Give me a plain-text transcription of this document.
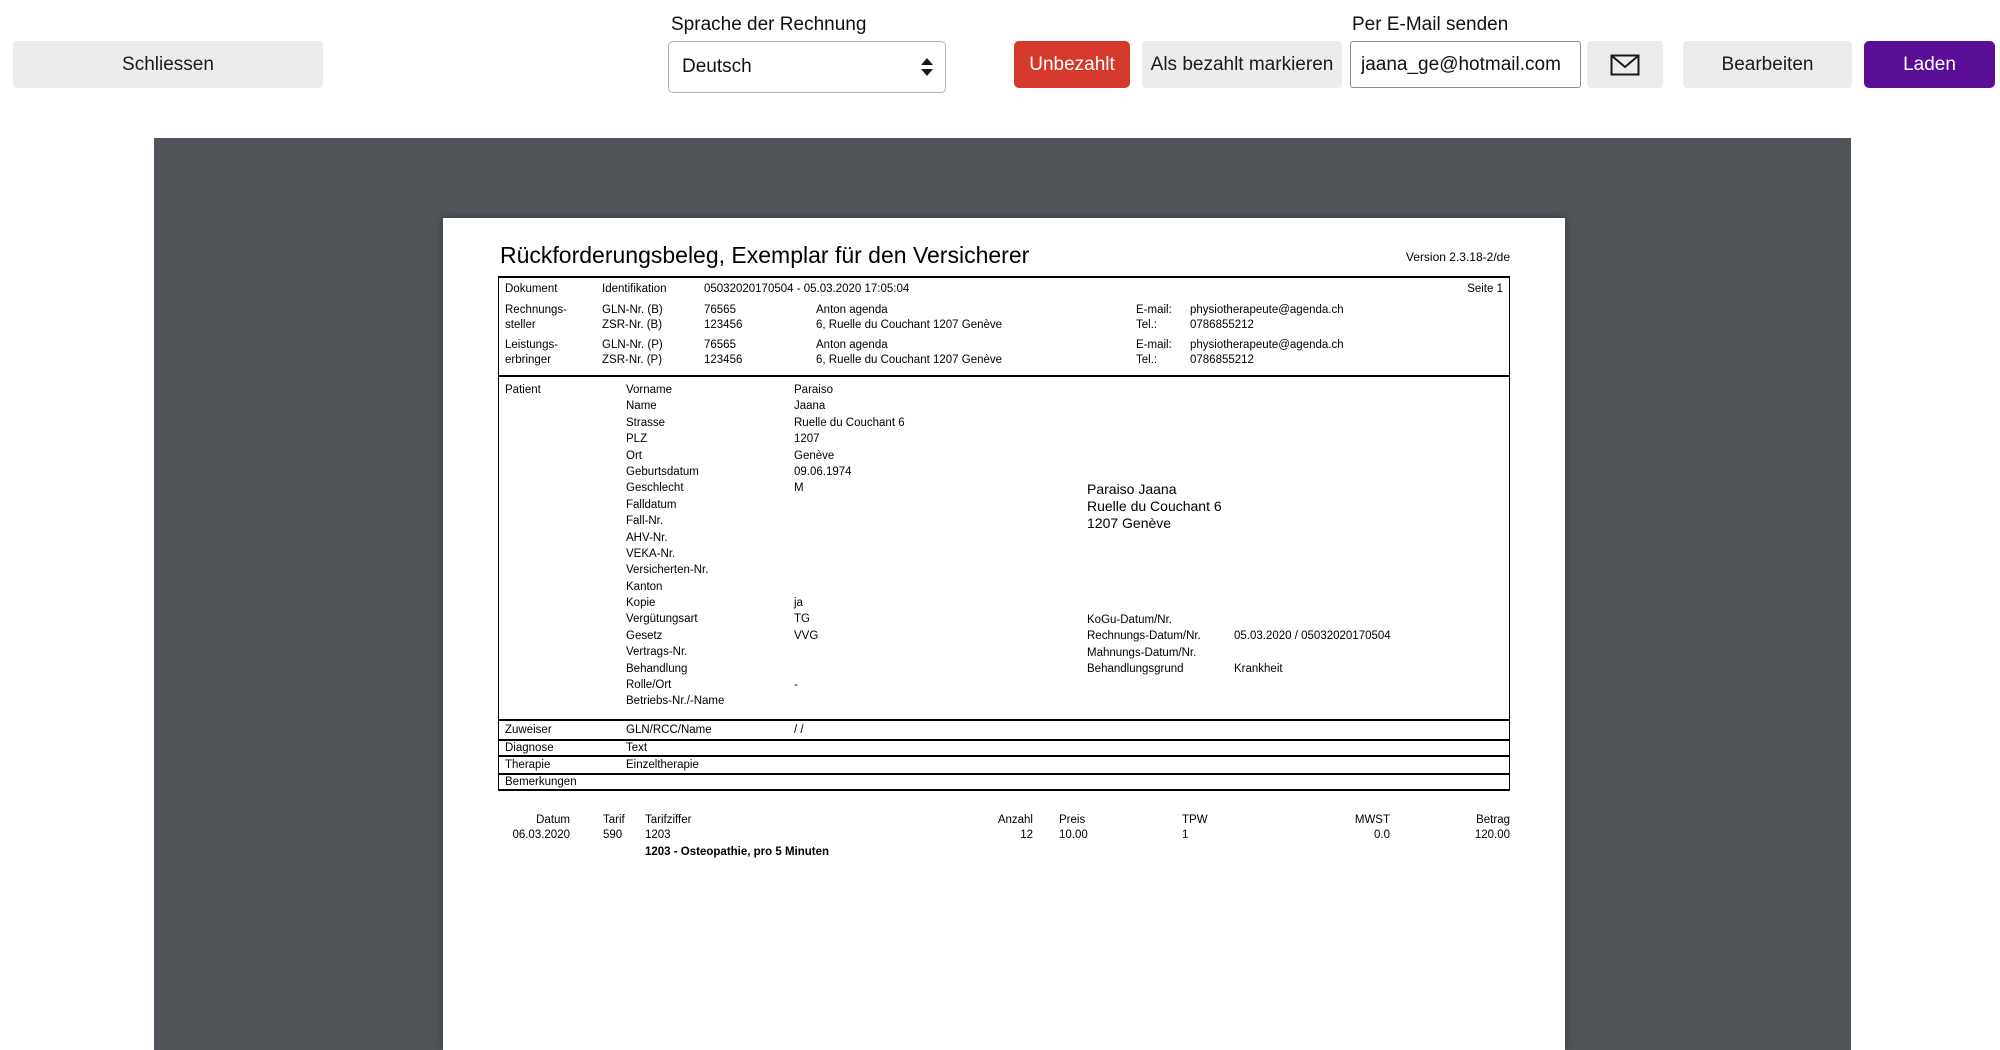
Schliessen
Sprache der Rechnung
Deutsch	Unbezahlt	Als bezahlt markieren
Per E-Mail senden
jaana_ge@hotmail.com
Bearbeiten	Laden
Rückforderungsbeleg, Exemplar für den Versicherer	Version 2.3.18-2/de
Seite 1
Dokument	Identifikation	05032020170504 - 05.03.2020 17:05:04
Rechnungs-	GLN-Nr. (B)	76565	Anton agenda	E-mail:	physiotherapeute@agenda.ch
steller	ZSR-Nr. (B)	123456	6, Ruelle du Couchant 1207 Genève	Tel.:	0786855212
Leistungs-	GLN-Nr. (P)	76565	Anton agenda	E-mail:	physiotherapeute@agenda.ch
erbringer	ZSR-Nr. (P)	123456	6, Ruelle du Couchant 1207 Genève	Tel.:	0786855212
Patient	Vorname	Paraiso
Name	Jaana
Strasse	Ruelle du Couchant 6
PLZ	1207
Ort	Genève
Geburtsdatum	09.06.1974
Geschlecht	M
Falldatum
Fall-Nr.
AHV-Nr.
VEKA-Nr.
Versicherten-Nr.
Kanton
Kopie	ja
Vergütungsart	TG
Gesetz	VVG
Vertrags-Nr.
Behandlung
Rolle/Ort	-
Betriebs-Nr./-Name
Paraiso Jaana
Ruelle du Couchant 6
1207 Genève
KoGu-Datum/Nr.
Rechnungs-Datum/Nr.	05.03.2020 / 05032020170504
Mahnungs-Datum/Nr.
Behandlungsgrund	Krankheit
Zuweiser	GLN/RCC/Name	/ /
Diagnose	Text
Therapie	Einzeltherapie
Bemerkungen
Datum	Tarif	Tarifziffer	Anzahl	Preis	TPW	MWST	Betrag
06.03.2020	590	1203	12	10.00	1	0.0	120.00
1203 - Osteopathie, pro 5 Minuten
